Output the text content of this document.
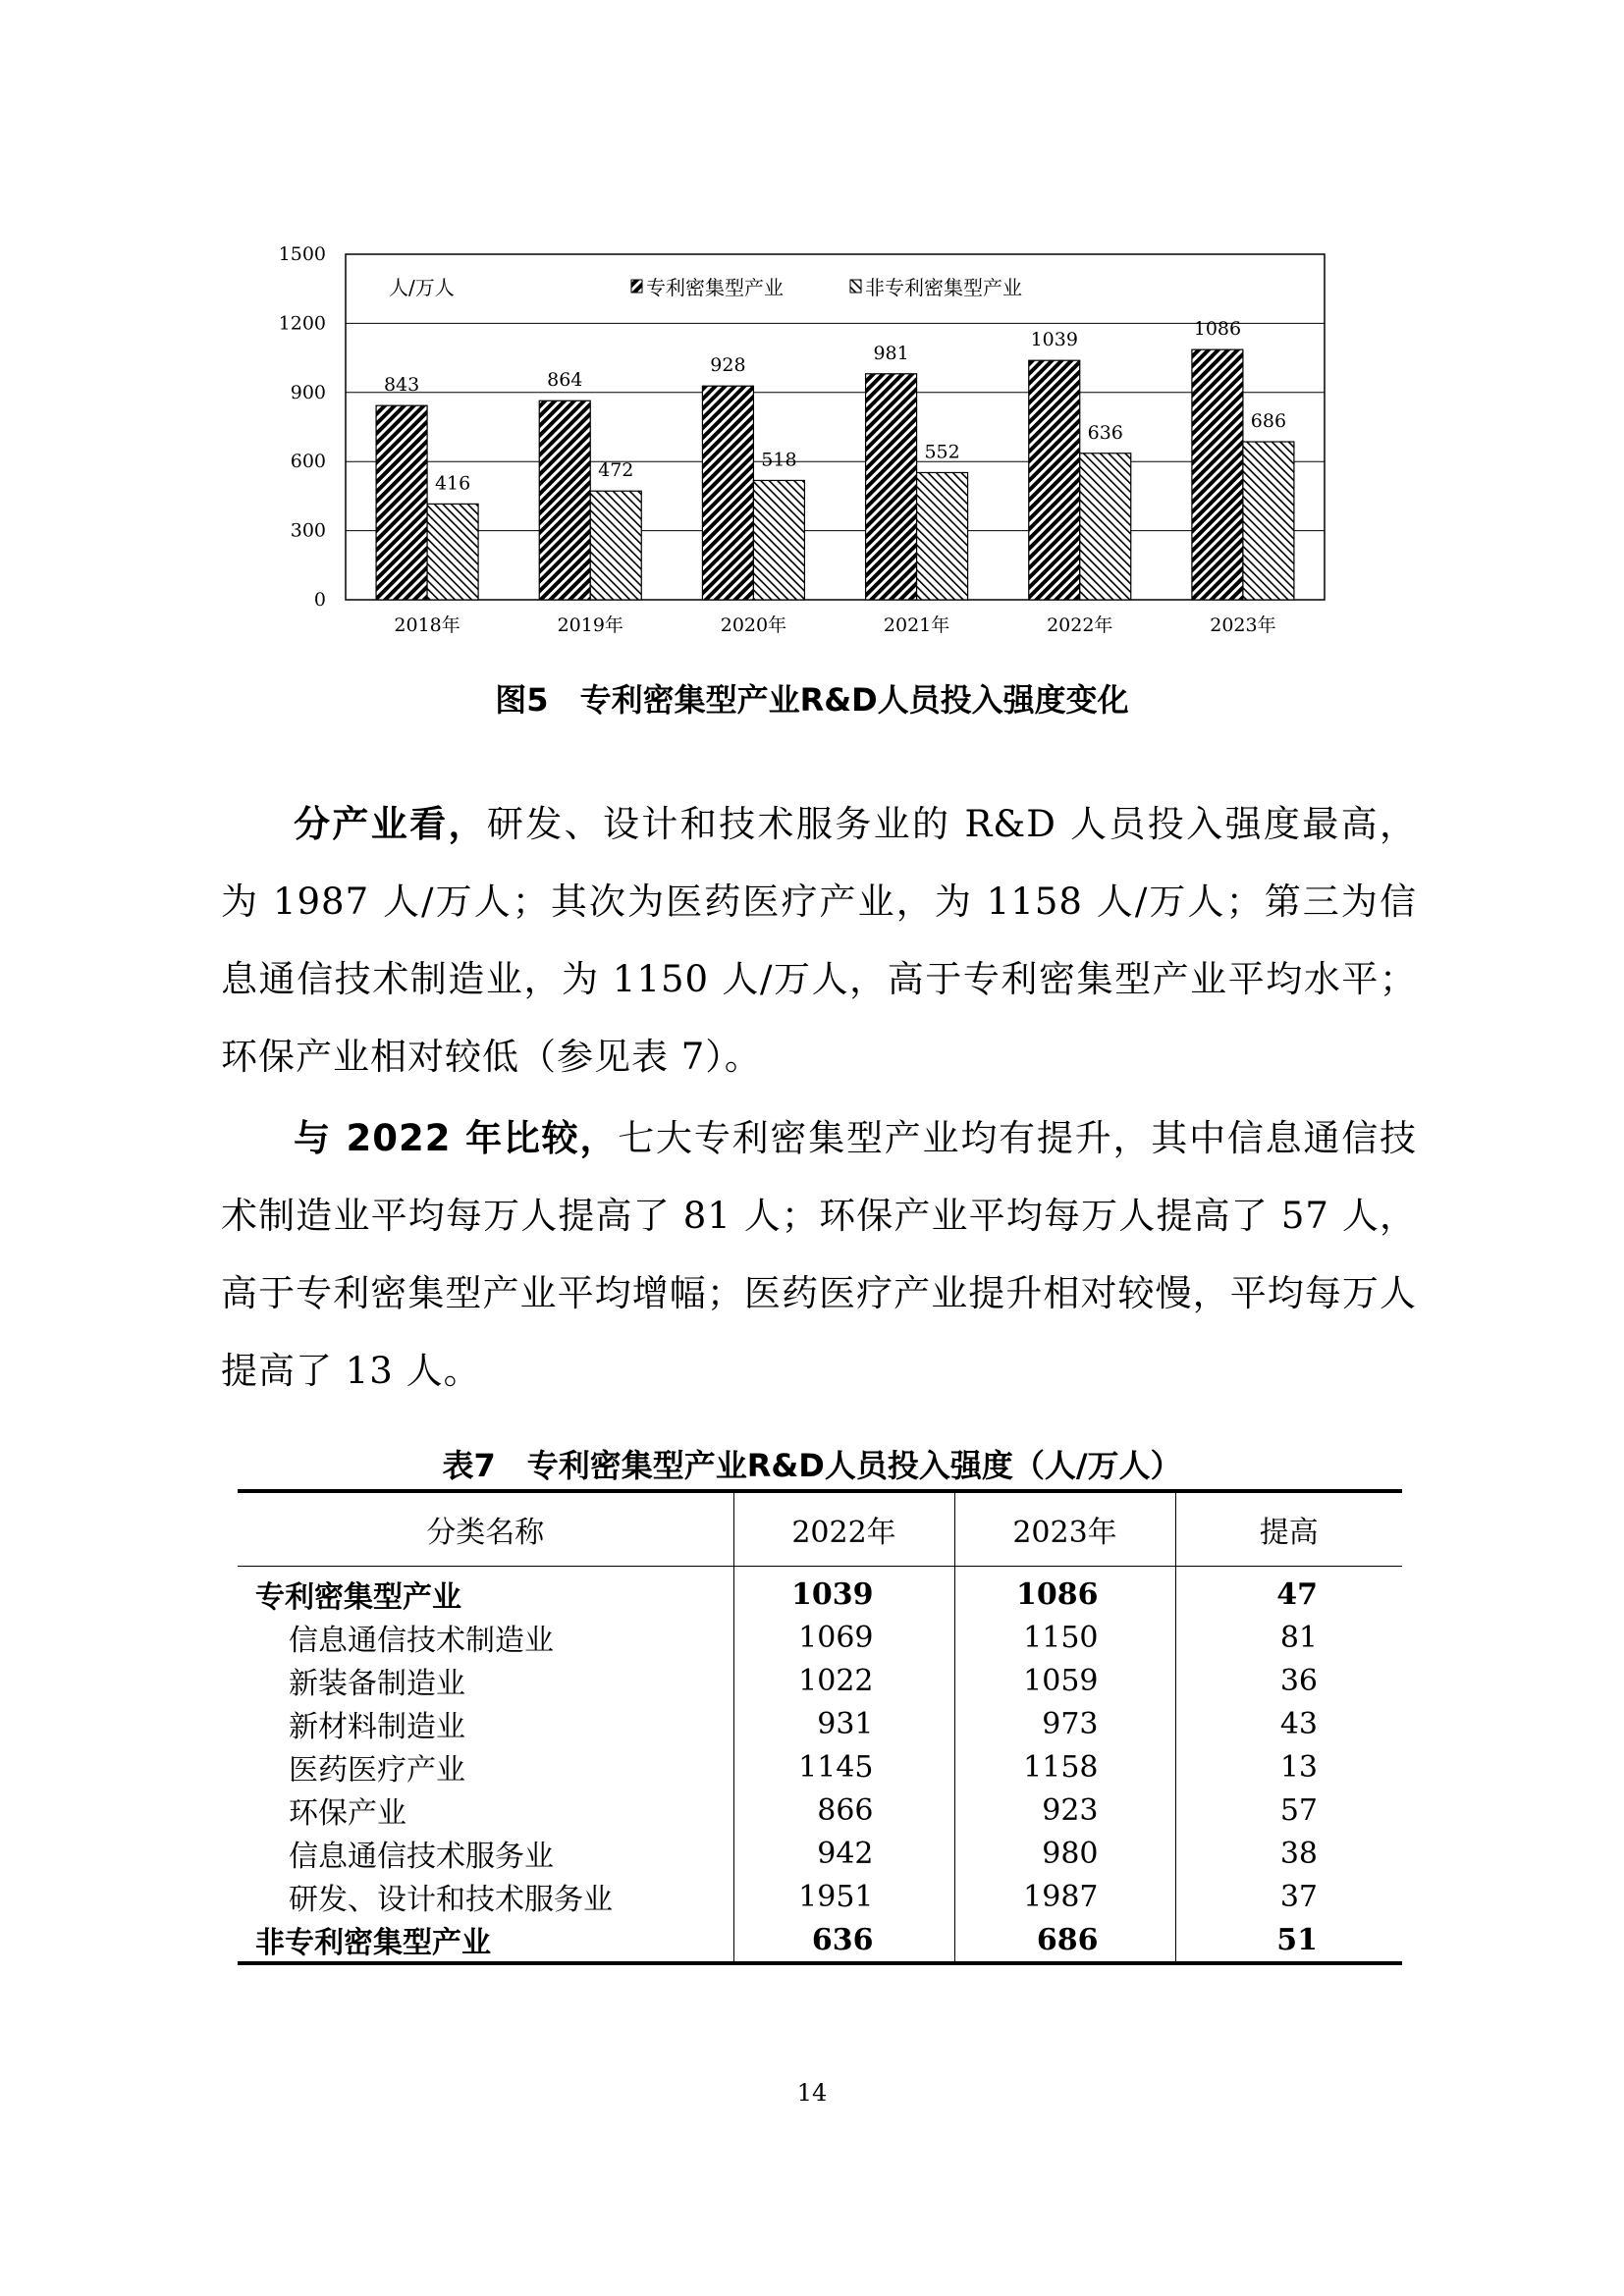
0
300
600
900
1200
1500
843
416
2018年
864
472
2019年
928
518
2020年
981
552
2021年
1039
636
2022年
1086
686
2023年
人/万人	专利密集型产业	非专利密集型产业
图5　专利密集型产业R&D人员投入强度变化

分产业看，研发、设计和技术服务业的 R&D 人员投入强度最高，为 1987 人/万人；其次为医药医疗产业，为 1158 人/万人；第三为信息通信技术制造业，为 1150 人/万人，高于专利密集型产业平均水平；环保产业相对较低（参见表 7）。

与 2022 年比较，七大专利密集型产业均有提升，其中信息通信技术制造业平均每万人提高了 81 人；环保产业平均每万人提高了 57 人，高于专利密集型产业平均增幅；医药医疗产业提升相对较慢，平均每万人提高了 13 人。

表7　专利密集型产业R&D人员投入强度（人/万人）
分类名称	2022年	2023年	提高
专利密集型产业	1039	1086	47
信息通信技术制造业	1069	1150	81
新装备制造业	1022	1059	36
新材料制造业	931	973	43
医药医疗产业	1145	1158	13
环保产业	866	923	57
信息通信技术服务业	942	980	38
研发、设计和技术服务业	1951	1987	37
非专利密集型产业	636	686	51
14
